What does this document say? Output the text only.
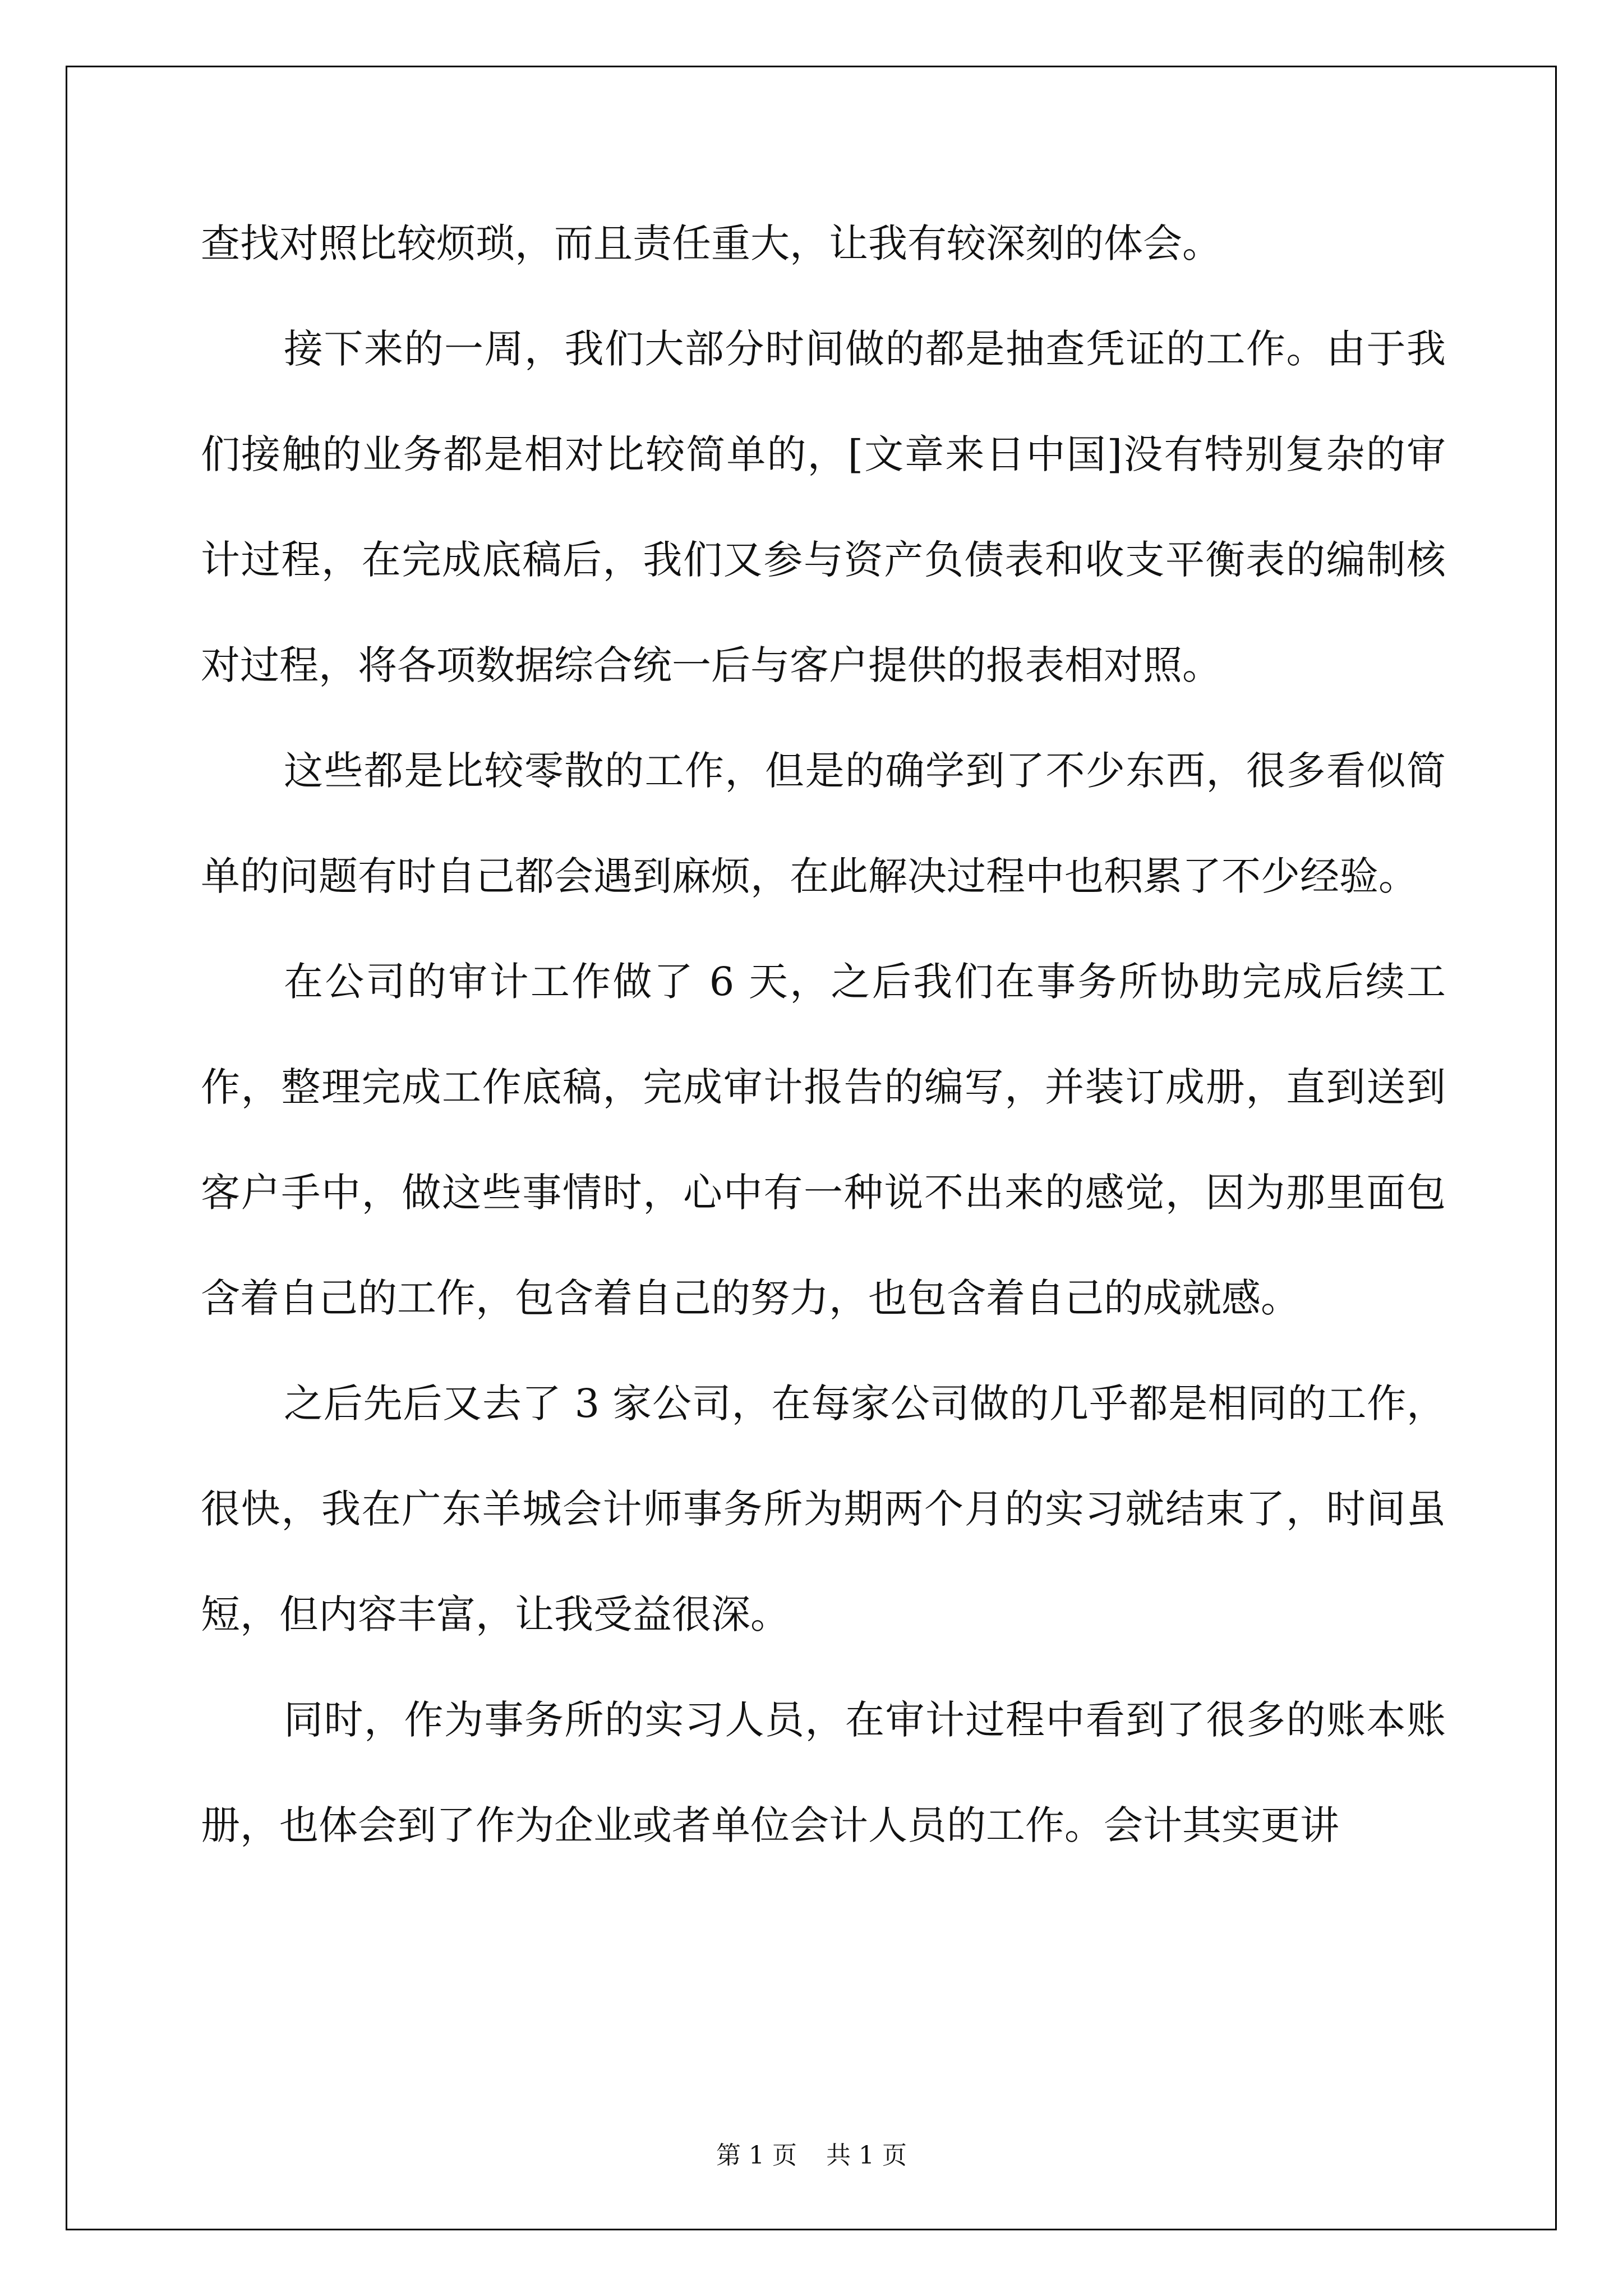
查找对照比较烦琐，而且责任重大，让我有较深刻的体会。

接下来的一周，我们大部分时间做的都是抽查凭证的工作。由于我们接触的业务都是相对比较简单的，[文章来日中国]没有特别复杂的审计过程，在完成底稿后，我们又参与资产负债表和收支平衡表的编制核对过程，将各项数据综合统一后与客户提供的报表相对照。

这些都是比较零散的工作，但是的确学到了不少东西，很多看似简单的问题有时自己都会遇到麻烦，在此解决过程中也积累了不少经验。

在公司的审计工作做了 6 天，之后我们在事务所协助完成后续工作，整理完成工作底稿，完成审计报告的编写，并装订成册，直到送到客户手中，做这些事情时，心中有一种说不出来的感觉，因为那里面包含着自己的工作，包含着自己的努力，也包含着自己的成就感。

之后先后又去了 3 家公司，在每家公司做的几乎都是相同的工作，很快，我在广东羊城会计师事务所为期两个月的实习就结束了，时间虽短，但内容丰富，让我受益很深。

同时，作为事务所的实习人员，在审计过程中看到了很多的账本账册，也体会到了作为企业或者单位会计人员的工作。会计其实更讲

第 1 页 共 1 页
